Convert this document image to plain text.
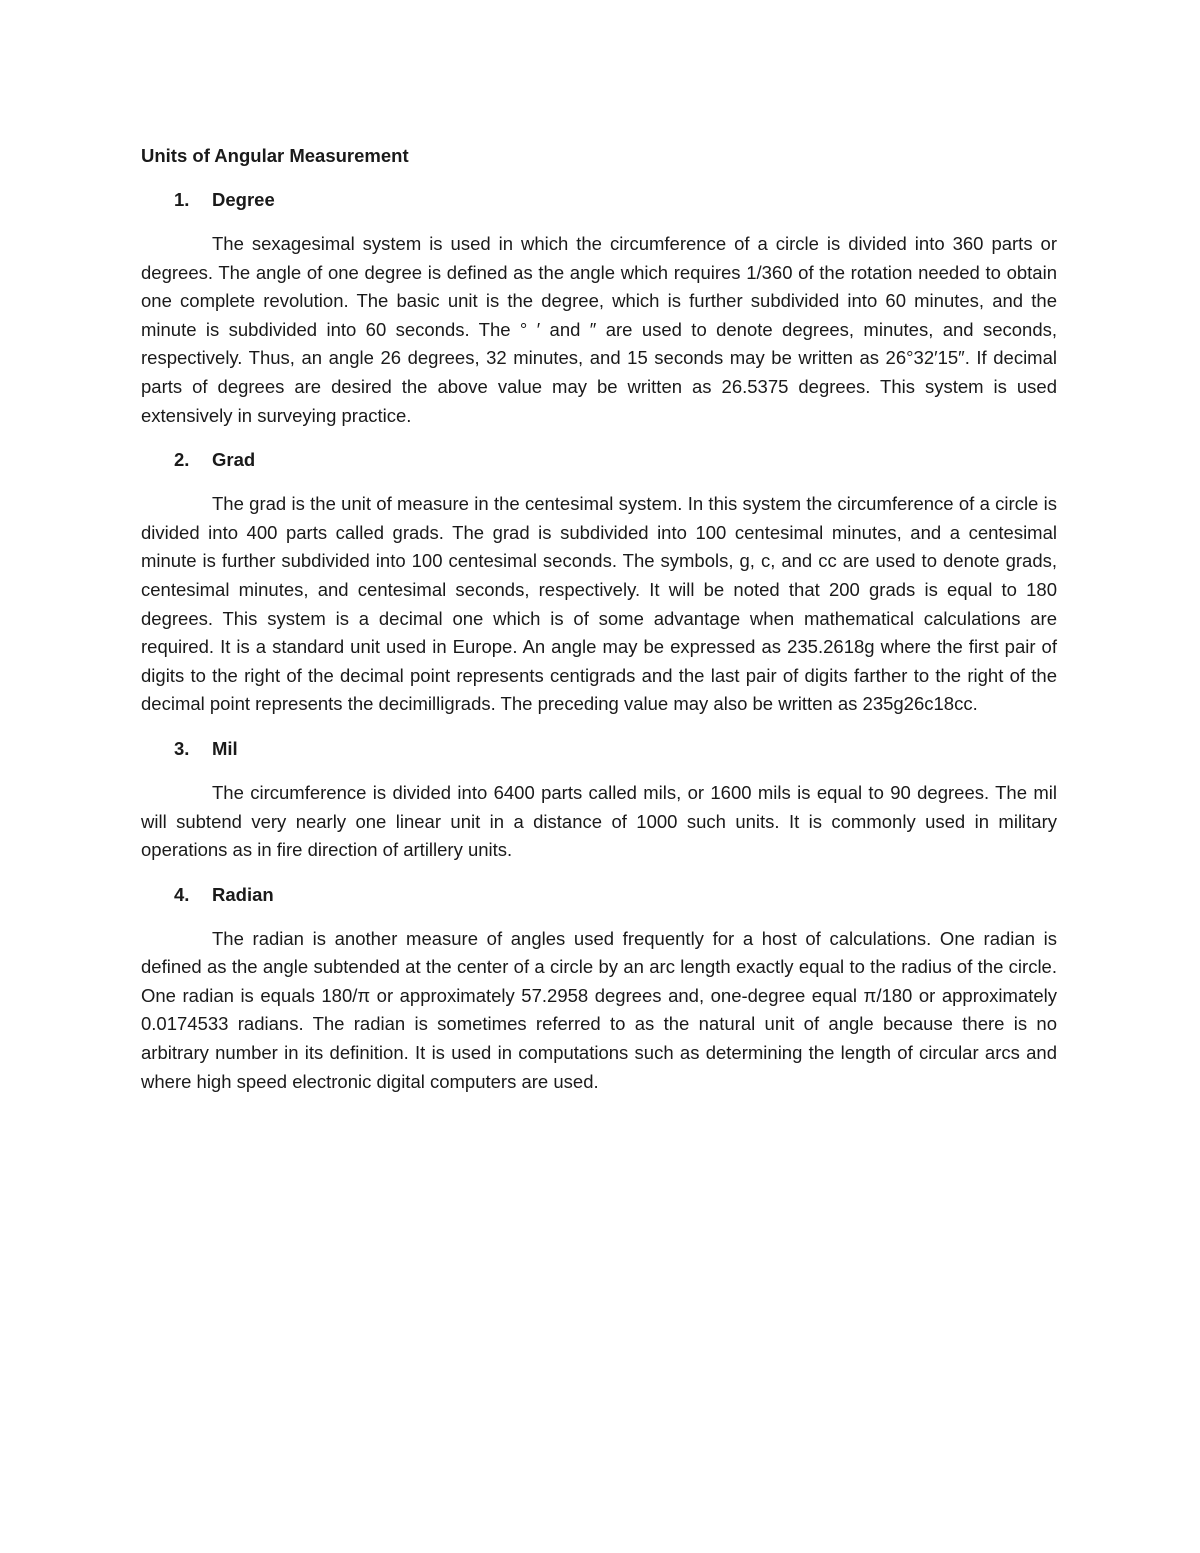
Units of Angular Measurement

1.	Degree

The sexagesimal system is used in which the circumference of a circle is divided into 360 parts or degrees. The angle of one degree is defined as the angle which requires 1/360 of the rotation needed to obtain one complete revolution. The basic unit is the degree, which is further subdivided into 60 minutes, and the minute is subdivided into 60 seconds. The ° ′ and ″ are used to denote degrees, minutes, and seconds, respectively. Thus, an angle 26 degrees, 32 minutes, and 15 seconds may be written as 26°32′15″. If decimal parts of degrees are desired the above value may be written as 26.5375 degrees. This system is used extensively in surveying practice.

2.	Grad

The grad is the unit of measure in the centesimal system. In this system the circumference of a circle is divided into 400 parts called grads. The grad is subdivided into 100 centesimal minutes, and a centesimal minute is further subdivided into 100 centesimal seconds. The symbols, g, c, and cc are used to denote grads, centesimal minutes, and centesimal seconds, respectively. It will be noted that 200 grads is equal to 180 degrees. This system is a decimal one which is of some advantage when mathematical calculations are required. It is a standard unit used in Europe. An angle may be expressed as 235.2618g where the first pair of digits to the right of the decimal point represents centigrads and the last pair of digits farther to the right of the decimal point represents the decimilligrads. The preceding value may also be written as 235g26c18cc.

3.	Mil

The circumference is divided into 6400 parts called mils, or 1600 mils is equal to 90 degrees. The mil will subtend very nearly one linear unit in a distance of 1000 such units. It is commonly used in military operations as in fire direction of artillery units.

4.	Radian

The radian is another measure of angles used frequently for a host of calculations. One radian is defined as the angle subtended at the center of a circle by an arc length exactly equal to the radius of the circle. One radian is equals 180/π or approximately 57.2958 degrees and, one-degree equal π/180 or approximately 0.0174533 radians. The radian is sometimes referred to as the natural unit of angle because there is no arbitrary number in its definition. It is used in computations such as determining the length of circular arcs and where high speed electronic digital computers are used.
